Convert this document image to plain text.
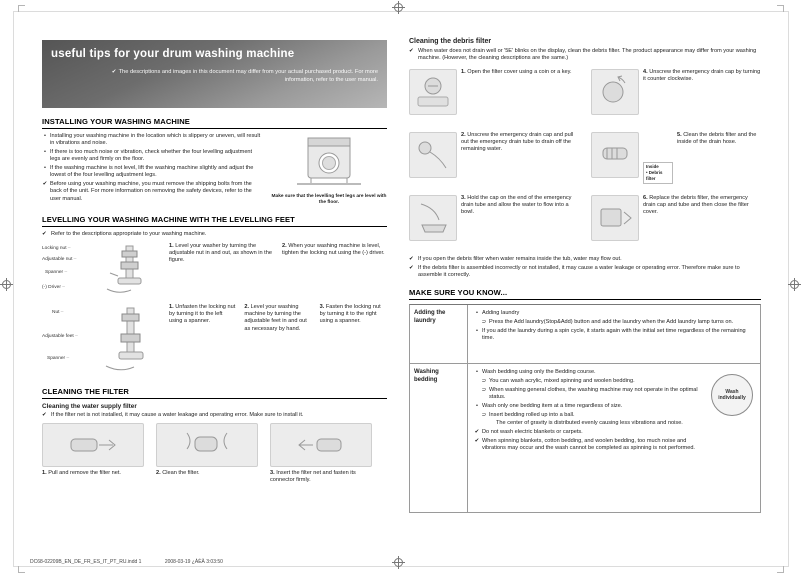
useful tips for your drum washing machine
✔ The descriptions and images in this document may differ from your actual purchased product. For more information, refer to the user manual.
INSTALLING YOUR WASHING MACHINE
• Installing your washing machine in the location which is slippery or uneven, will result in vibrations and noise.
• If there is too much noise or vibration, check whether the four levelling adjustment legs are evenly and firmly on the floor.
• If the washing machine is not level, lift the washing machine slightly and adjust the lowest of the four levelling adjustment legs.
✔ Before using your washing machine, you must remove the shipping bolts from the back of the unit. For more information on removing the safety devices, refer to the user manual.	Make sure that the levelling feet legs are level with the floor.
LEVELLING YOUR WASHING MACHINE WITH THE LEVELLING FEET
✔ Refer to the descriptions appropriate to your washing machine.
Locking nut –
Adjustable nut –
Spanner –
(-) Driver –
1. Level your washer by turning the adjustable nut in and out, as shown in the figure.
2. When your washing machine is level, tighten the locking nut using the (-) driver.
Nut –
Adjustable feet –
Spanner –
1. Unfasten the locking nut by turning it to the left using a spanner.
2. Level your washing machine by turning the adjustable feet in and out as necessary by hand.
3. Fasten the locking nut by turning it to the right using a spanner.
CLEANING THE FILTER
Cleaning the water supply filter
✔ If the filter net is not installed, it may cause a water leakage and operating error. Make sure to install it.
1. Pull and remove the filter net.	2. Clean the filter.	3. Insert the filter net and fasten its connector firmly.
Cleaning the debris filter
✔ When water does not drain well or '5E' blinks on the display, clean the debris filter. The product appearance may differ from your washing machine. (However, the cleaning descriptions are the same.)
1. Open the filter cover using a coin or a key.	4. Unscrew the emergency drain cap by turning it counter clockwise.
2. Unscrew the emergency drain cap and pull out the emergency drain tube to drain off the remaining water.
Inside
• Debris filter
5. Clean the debris filter and the inside of the drain hose.
3. Hold the cap on the end of the emergency drain tube and allow the water to flow into a bowl.
6. Replace the debris filter, the emergency drain cap and tube and then close the filter cover.
✔ If you open the debris filter when water remains inside the tub, water may flow out.
✔ If the debris filter is assembled incorrectly or not installed, it may cause a water leakage or operating error. Therefore make sure to assemble it correctly.
MAKE SURE YOU KNOW...
Adding the laundry
• Adding laundry
⊃ Press the Add laundry(Stop&Add) button and add the laundry when the Add laundry lamp turns on.
• If you add the laundry during a spin cycle, it starts again with the initial set time regardless of the remaining time.
Washing bedding
• Wash bedding using only the Bedding course.
⊃ You can wash acrylic, mixed spinning and woolen bedding.
⊃ When washing general clothes, the washing machine may not operate in the optimal status.
• Wash only one bedding item at a time regardless of size.
⊃ Insert bedding rolled up into a ball.
The center of gravity is distributed evenly causing less vibrations and noise.
✔ Do not wash electric blankets or carpets.
✔ When spinning blankets, cotton bedding, and woolen bedding, too much noise and vibrations may occur and the wash cannot be completed as spinning is not performed.
Wash
individually
DC68-02209B_EN_DE_FR_ES_IT_PT_RU.indd 1	2008-03-19 ¿ÀÈÄ 3:03:50
